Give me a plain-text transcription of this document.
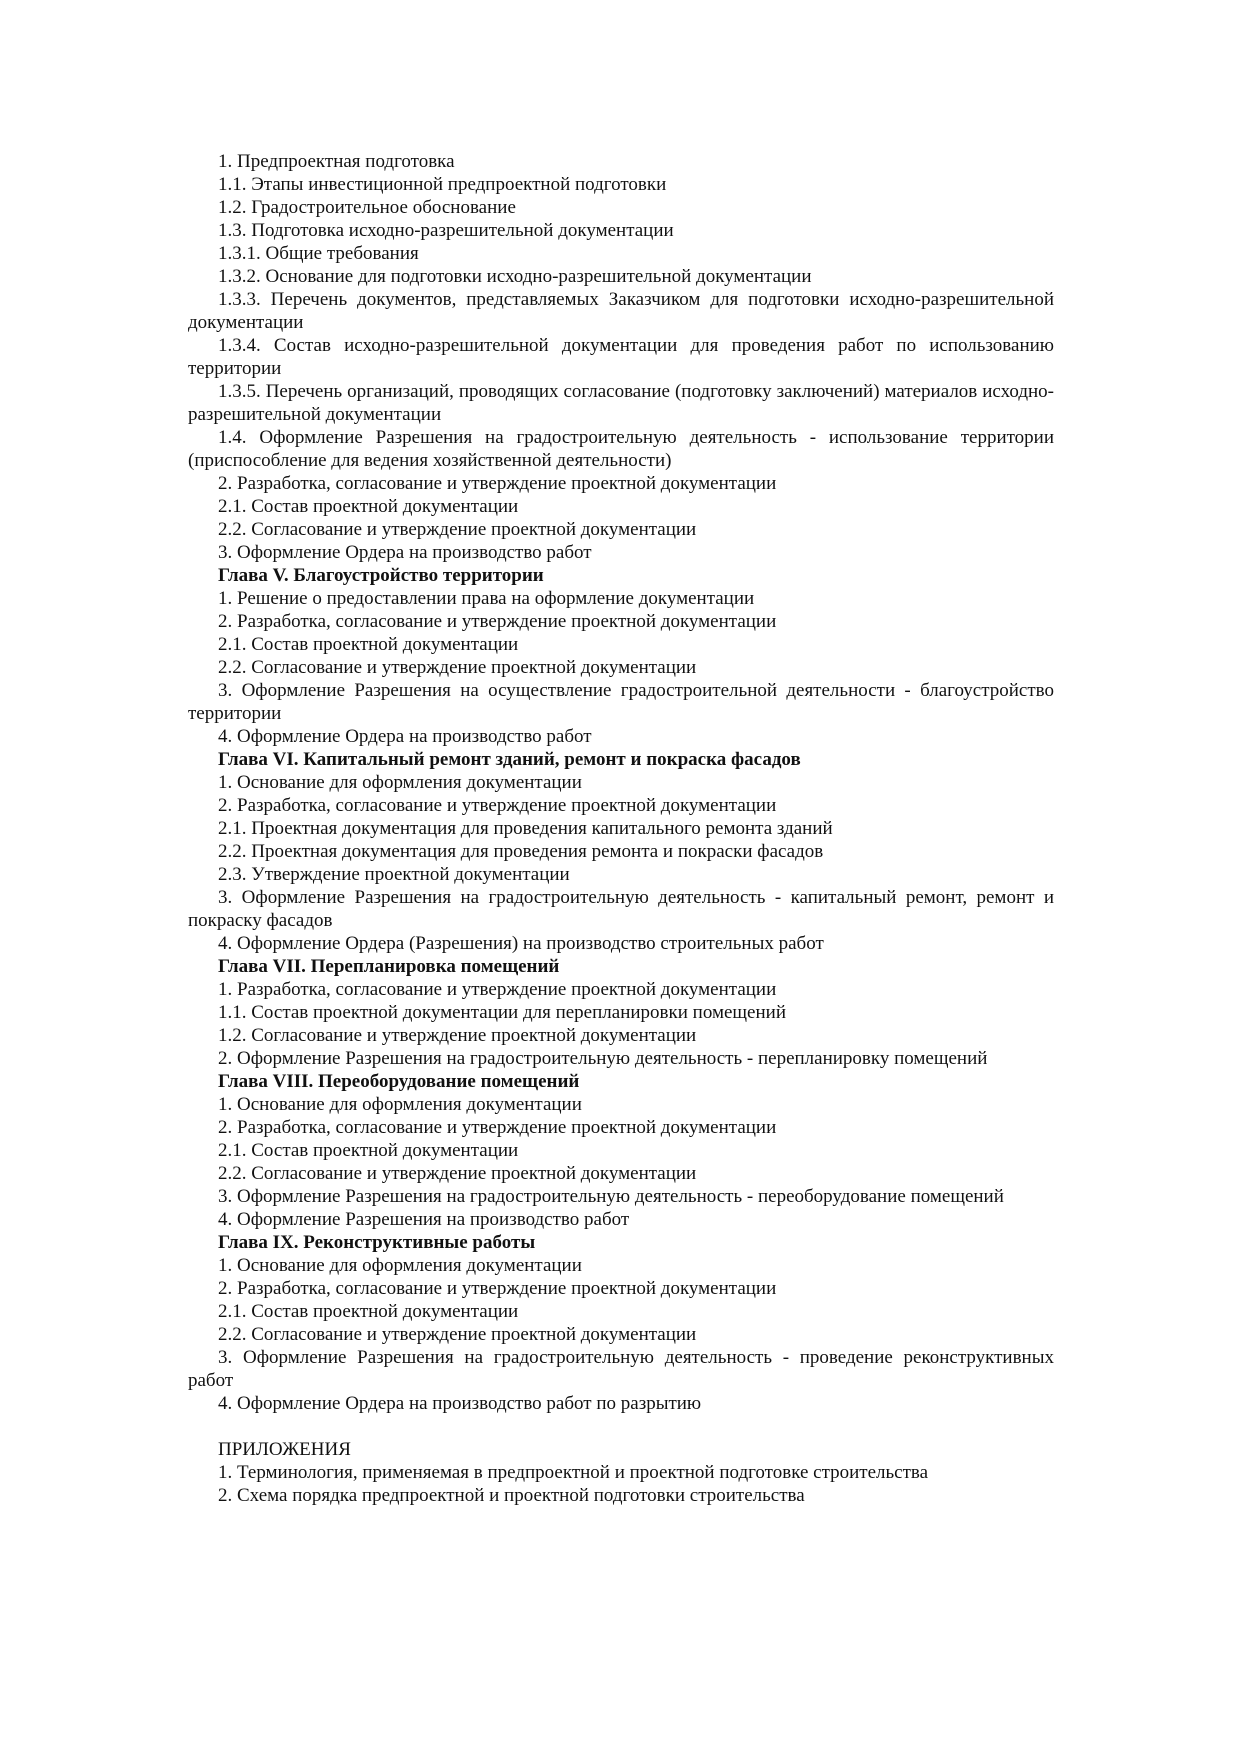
1. Предпроектная подготовка
1.1. Этапы инвестиционной предпроектной подготовки
1.2. Градостроительное обоснование
1.3. Подготовка исходно-разрешительной документации
1.3.1. Общие требования
1.3.2. Основание для подготовки исходно-разрешительной документации
1.3.3. Перечень документов, представляемых Заказчиком для подготовки исходно-разрешительной документации
1.3.4. Состав исходно-разрешительной документации для проведения работ по использованию территории
1.3.5. Перечень организаций, проводящих согласование (подготовку заключений) материалов исходно-разрешительной документации
1.4. Оформление Разрешения на градостроительную деятельность - использование территории (приспособление для ведения хозяйственной деятельности)
2. Разработка, согласование и утверждение проектной документации
2.1. Состав проектной документации
2.2. Согласование и утверждение проектной документации
3. Оформление Ордера на производство работ
Глава V. Благоустройство территории
1. Решение о предоставлении права на оформление документации
2. Разработка, согласование и утверждение проектной документации
2.1. Состав проектной документации
2.2. Согласование и утверждение проектной документации
3. Оформление Разрешения на осуществление градостроительной деятельности - благоустройство территории
4. Оформление Ордера на производство работ
Глава VI. Капитальный ремонт зданий, ремонт и покраска фасадов
1. Основание для оформления документации
2. Разработка, согласование и утверждение проектной документации
2.1. Проектная документация для проведения капитального ремонта зданий
2.2. Проектная документация для проведения ремонта и покраски фасадов
2.3. Утверждение проектной документации
3. Оформление Разрешения на градостроительную деятельность - капитальный ремонт, ремонт и покраску фасадов
4. Оформление Ордера (Разрешения) на производство строительных работ
Глава VII. Перепланировка помещений
1. Разработка, согласование и утверждение проектной документации
1.1. Состав проектной документации для перепланировки помещений
1.2. Согласование и утверждение проектной документации
2. Оформление Разрешения на градостроительную деятельность - перепланировку помещений
Глава VIII. Переоборудование помещений
1. Основание для оформления документации
2. Разработка, согласование и утверждение проектной документации
2.1. Состав проектной документации
2.2. Согласование и утверждение проектной документации
3. Оформление Разрешения на градостроительную деятельность - переоборудование помещений
4. Оформление Разрешения на производство работ
Глава IX. Реконструктивные работы
1. Основание для оформления документации
2. Разработка, согласование и утверждение проектной документации
2.1. Состав проектной документации
2.2. Согласование и утверждение проектной документации
3. Оформление Разрешения на градостроительную деятельность - проведение реконструктивных работ
4. Оформление Ордера на производство работ по разрытию
ПРИЛОЖЕНИЯ
1. Терминология, применяемая в предпроектной и проектной подготовке строительства
2. Схема порядка предпроектной и проектной подготовки строительства
